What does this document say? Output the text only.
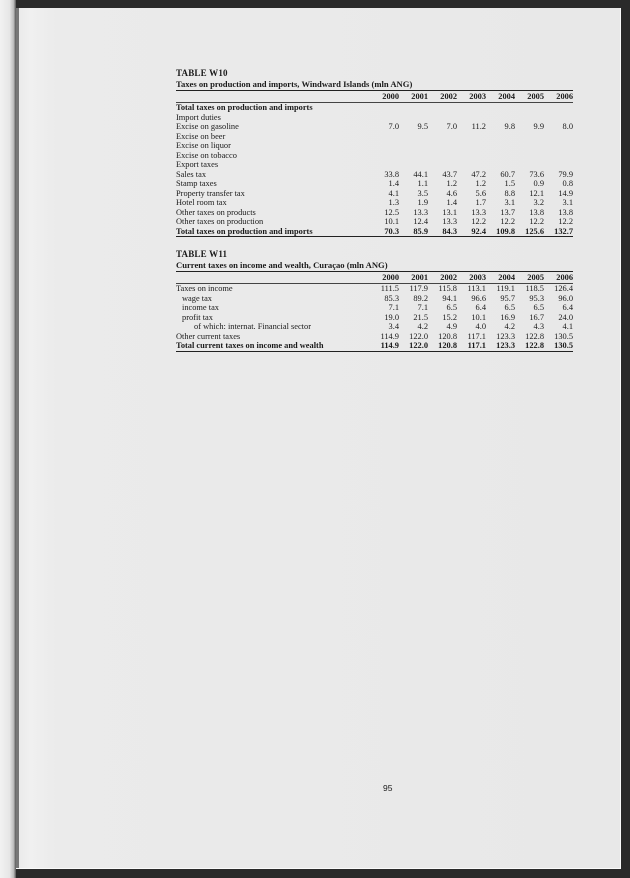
TABLE W10
Taxes on production and imports, Windward Islands (mln ANG)
	2000	2001	2002	2003	2004	2005	2006
Total taxes on production and imports							
Import duties							
Excise on gasoline	7.0	9.5	7.0	11.2	9.8	9.9	8.0
Excise on beer							
Excise on liquor							
Excise on tobacco							
Export taxes							
Sales tax	33.8	44.1	43.7	47.2	60.7	73.6	79.9
Stamp taxes	1.4	1.1	1.2	1.2	1.5	0.9	0.8
Property transfer tax	4.1	3.5	4.6	5.6	8.8	12.1	14.9
Hotel room tax	1.3	1.9	1.4	1.7	3.1	3.2	3.1
Other taxes on products	12.5	13.3	13.1	13.3	13.7	13.8	13.8
Other taxes on production	10.1	12.4	13.3	12.2	12.2	12.2	12.2
Total taxes on production and imports	70.3	85.9	84.3	92.4	109.8	125.6	132.7
TABLE W11
Current taxes on income and wealth, Curaçao (mln ANG)
	2000	2001	2002	2003	2004	2005	2006
Taxes on income	111.5	117.9	115.8	113.1	119.1	118.5	126.4
wage tax	85.3	89.2	94.1	96.6	95.7	95.3	96.0
income tax	7.1	7.1	6.5	6.4	6.5	6.5	6.4
profit tax	19.0	21.5	15.2	10.1	16.9	16.7	24.0
of which: internat. Financial sector	3.4	4.2	4.9	4.0	4.2	4.3	4.1
Other current taxes	114.9	122.0	120.8	117.1	123.3	122.8	130.5
Total current taxes on income and wealth	114.9	122.0	120.8	117.1	123.3	122.8	130.5
95
